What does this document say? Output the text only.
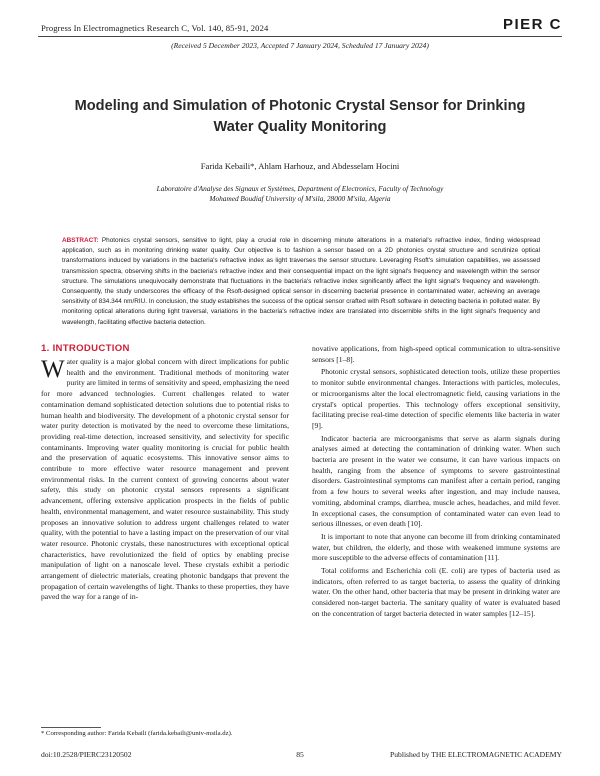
Progress In Electromagnetics Research C, Vol. 140, 85-91, 2024	PIER C
(Received 5 December 2023, Accepted 7 January 2024, Scheduled 17 January 2024)
Modeling and Simulation of Photonic Crystal Sensor for Drinking Water Quality Monitoring
Farida Kebaili*, Ahlam Harhouz, and Abdesselam Hocini
Laboratoire d'Analyse des Signaux et Systèmes, Department of Electronics, Faculty of Technology
Mohamed Boudiaf University of M'sila, 28000 M'sila, Algeria
ABSTRACT: Photonics crystal sensors, sensitive to light, play a crucial role in discerning minute alterations in a material's refractive index, finding widespread application, such as in monitoring drinking water quality. Our objective is to fashion a sensor based on a 2D photonics crystal structure and scrutinize optical transformations induced by variations in the bacteria's refractive index as light traverses the sensor structure. Leveraging Rsoft's simulation capabilities, we assessed transmission spectra, observing shifts in the bacteria's refractive index and their consequential impact on the light signal's frequency and wavelength within the sensor structure. The simulations unequivocally demonstrate that fluctuations in the bacteria's refractive index significantly affect the light signal's frequency and wavelength. Consequently, the study underscores the efficacy of the Rsoft-designed optical sensor in discerning bacterial presence in contaminated water, achieving an average sensitivity of 834.344 nm/RIU. In conclusion, the study establishes the success of the optical sensor crafted with Rsoft software in detecting bacteria in polluted water. By monitoring optical alterations during light traversal, variations in the bacteria's refractive index are translated into discernible shifts in the light signal's frequency and wavelength, facilitating effective bacteria detection.
1. INTRODUCTION

Water quality is a major global concern with direct implications for public health and the environment. Traditional methods of monitoring water purity are limited in terms of sensitivity and speed, emphasizing the need for more advanced technologies. Current challenges related to water contamination demand sophisticated detection solutions due to potential risks to human health and biodiversity. The development of a photonic crystal sensor for water purity detection is motivated by the need to overcome these limitations, providing real-time detection, increased sensitivity, and selectivity for specific contaminants. Improving water quality monitoring is crucial for public health and the preservation of aquatic ecosystems. This innovative sensor aims to contribute to more effective water resource management and prevent environmental risks. In the current context of growing concerns about water safety, this study on photonic crystal sensors represents a significant advancement, offering extensive application prospects in the fields of public health, environmental management, and water resource sustainability. This study proposes an innovative solution to address urgent challenges related to water quality, with the potential to have a lasting impact on the preservation of our vital water resource. Photonic crystals, these nanostructures with exceptional optical characteristics, have revolutionized the field of optics by enabling precise manipulation of light on a nanoscale level. These crystals exhibit a periodic arrangement of dielectric materials, creating photonic bandgaps that prevent the propagation of certain wavelengths of light. Thanks to these properties, they have paved the way for a range of in-

novative applications, from high-speed optical communication to ultra-sensitive sensors [1–8].

Photonic crystal sensors, sophisticated detection tools, utilize these properties to monitor subtle environmental changes. Interactions with particles, molecules, or microorganisms alter the local electromagnetic field, causing variations in the crystal's optical properties. This technology offers exceptional sensitivity, facilitating precise real-time detection of specific elements like bacteria in water [9].

Indicator bacteria are microorganisms that serve as alarm signals during analyses aimed at detecting the contamination of drinking water. When such bacteria are present in the water we consume, it can have various impacts on health, ranging from the absence of symptoms to severe gastrointestinal disorders. Gastrointestinal symptoms can manifest after a certain period, ranging from a few hours to several weeks after ingestion, and may include nausea, vomiting, abdominal cramps, diarrhea, muscle aches, headaches, and mild fever. In exceptional cases, the consumption of contaminated water can even lead to serious illnesses, or even death [10].

It is important to note that anyone can become ill from drinking contaminated water, but children, the elderly, and those with weakened immune systems are more susceptible to the adverse effects of contamination [11].

Total coliforms and Escherichia coli (E. coli) are types of bacteria used as indicators, often referred to as target bacteria, to assess the quality of drinking water. On the other hand, other bacteria that may be present in drinking water are considered non-target bacteria. The sanitary quality of water is evaluated based on the concentration of target bacteria detected in water samples [12–15].

* Corresponding author: Farida Kebaili (farida.kebaili@univ-msila.dz).
doi:10.2528/PIERC23120502	85	Published by THE ELECTROMAGNETIC ACADEMY
